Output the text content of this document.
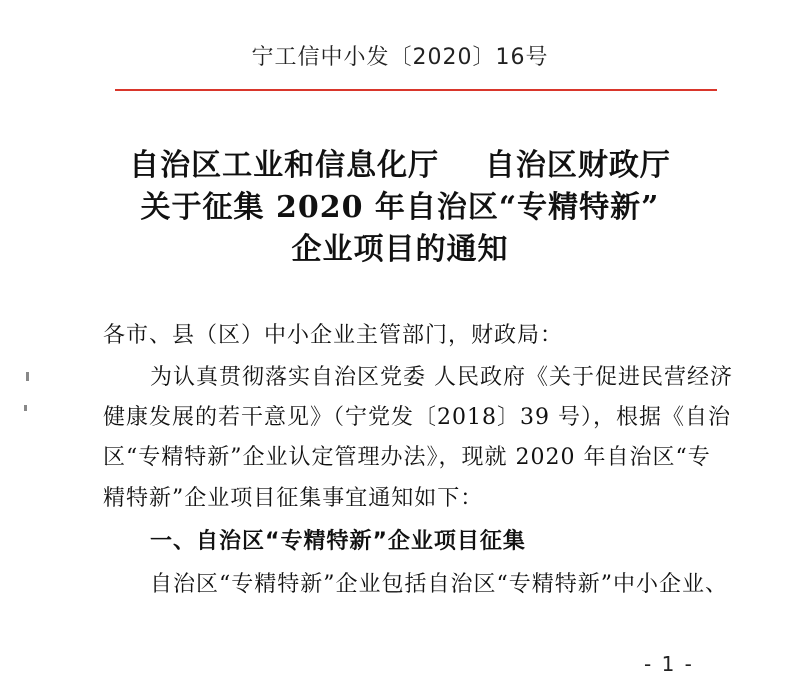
宁工信中小发〔2020〕16号
自治区工业和信息化厅    自治区财政厅
关于征集 2020 年自治区“专精特新”
企业项目的通知
各市、县（区）中小企业主管部门，财政局：
为认真贯彻落实自治区党委 人民政府《关于促进民营经济
健康发展的若干意见》（宁党发〔2018〕39 号），根据《自治
区“专精特新”企业认定管理办法》，现就 2020 年自治区“专
精特新”企业项目征集事宜通知如下：
一、自治区“专精特新”企业项目征集
自治区“专精特新”企业包括自治区“专精特新”中小企业、
- 1 -
